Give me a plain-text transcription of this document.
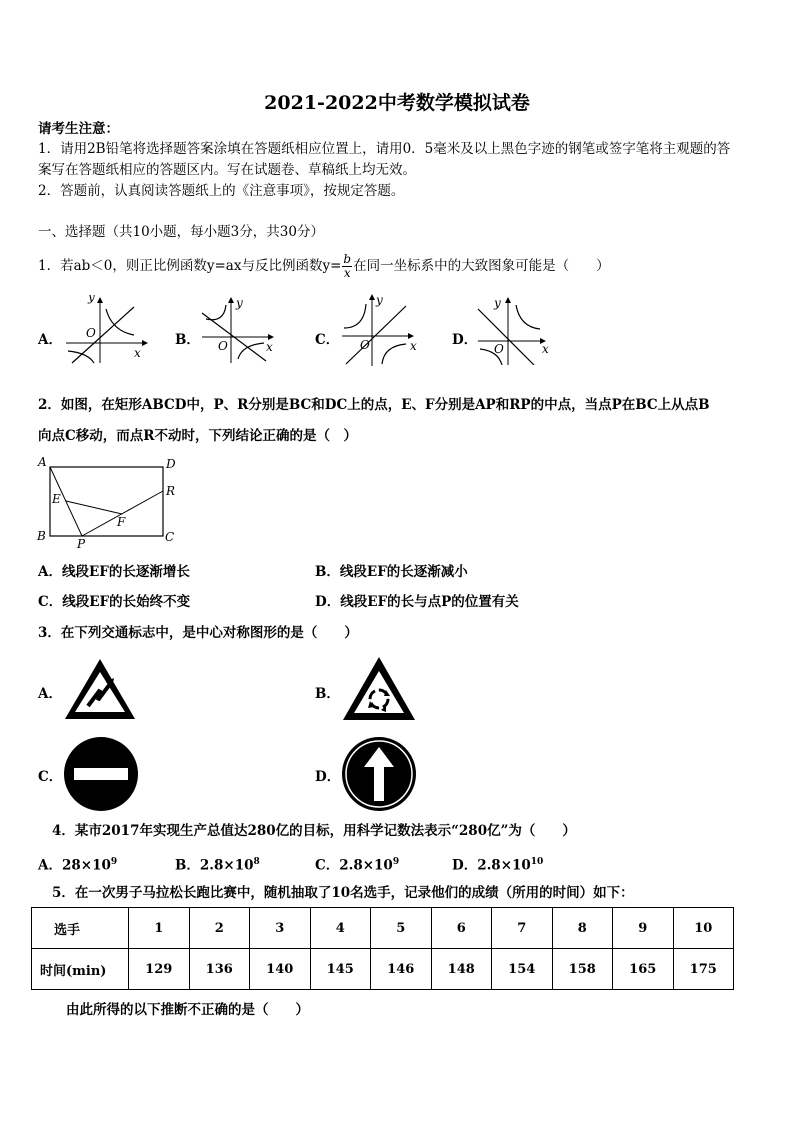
2021-2022中考数学模拟试卷
请考生注意：
1．请用2B铅笔将选择题答案涂填在答题纸相应位置上，请用0．5毫米及以上黑色字迹的钢笔或签字笔将主观题的答
案写在答题纸相应的答题区内。写在试题卷、草稿纸上均无效。
2．答题前，认真阅读答题纸上的《注意事项》，按规定答题。
一、选择题（共10小题，每小题3分，共30分）
1．若ab＜0，则正比例函数y=ax与反比例函数$y= \frac{b}{x}$ 在同一坐标系中的大致图象可能是（　　）
A．	B．	C．	D．
y
x
O
y
x
O
y
x
O
y
x
O
2．如图，在矩形ABCD中，P、R分别是BC和DC上的点，E、F分别是AP和RP的中点，当点P在BC上从点B
向点C移动，而点R不动时，下列结论正确的是（　）
A	D
R
E
F
B
P	C
A．线段EF的长逐渐增长	B．线段EF的长逐渐减小
C．线段EF的长始终不变	D．线段EF的长与点P的位置有关
3．在下列交通标志中，是中心对称图形的是（　　）
A．	B．
C．	D．
4．某市2017年实现生产总值达280亿的目标，用科学记数法表示“280亿”为（　　）
A．$28\times 10^9$	B．$2.8\times 10^8$	C．$2.8\times 10^9$	D．$2.8\times 10^{10}$
5．在一次男子马拉松长跑比赛中，随机抽取了10名选手，记录他们的成绩（所用的时间）如下：
选手	1	2	3	4	5	6	7	8	9	10
时间(min)	129	136	140	145	146	148	154	158	165	175
由此所得的以下推断不正确的是（　　）
